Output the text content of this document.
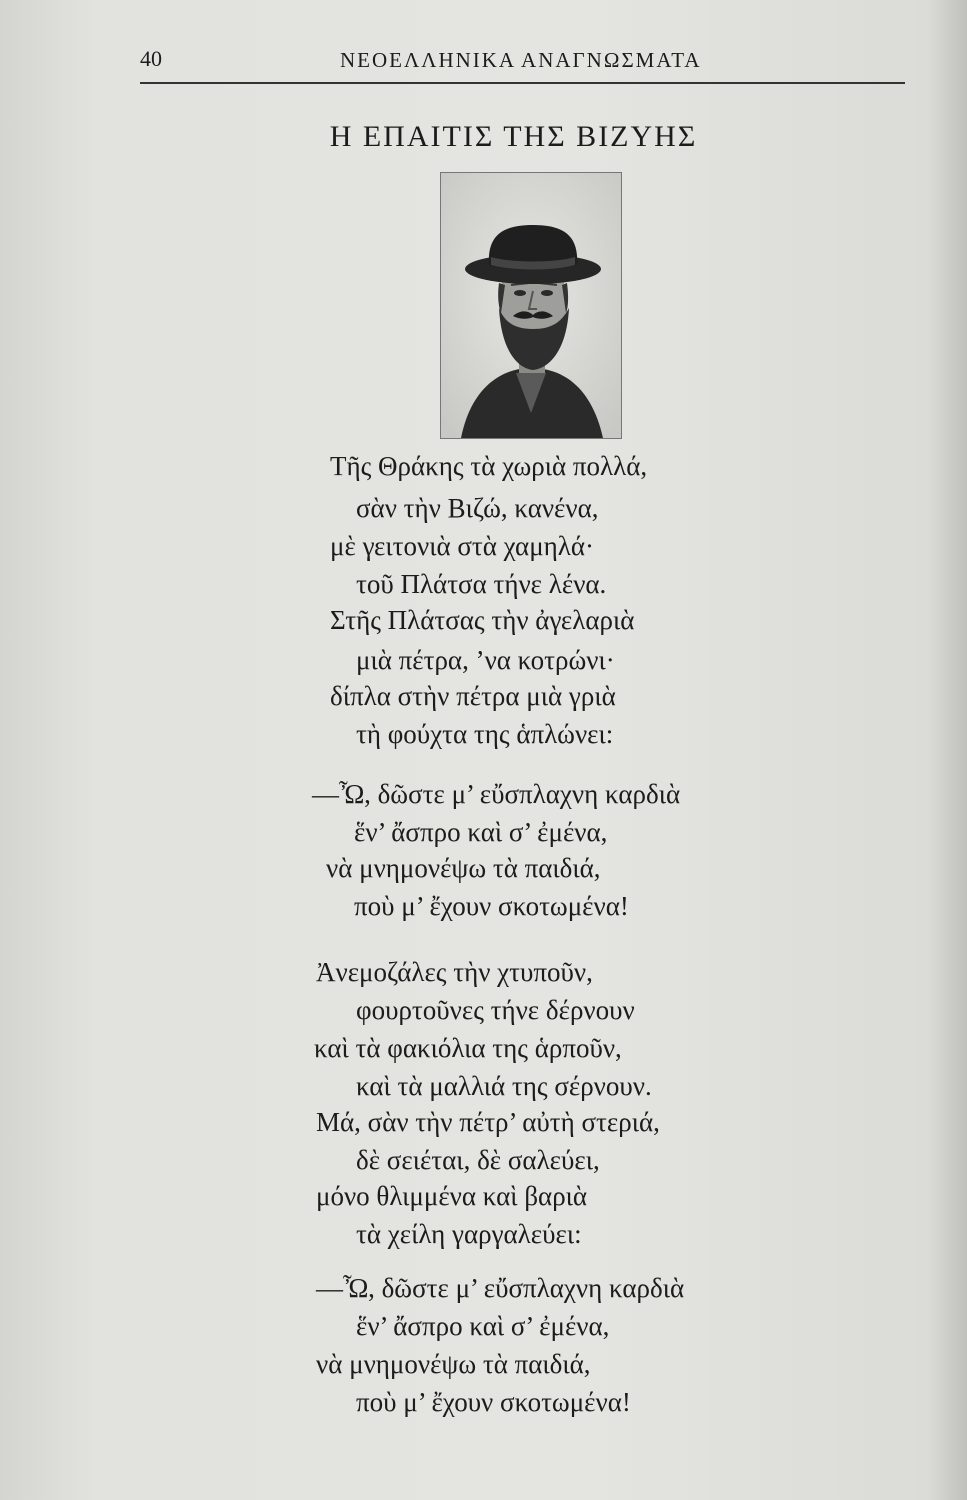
40	ΝΕΟΕΛΛΗΝΙΚΑ ΑΝΑΓΝΩΣΜΑΤΑ
Η ΕΠΑΙΤΙΣ ΤΗΣ ΒΙΖΥΗΣ
Τῆς Θράκης τὰ χωριὰ πολλά,
σὰν τὴν Βιζώ, κανένα,
μὲ γειτονιὰ στὰ χαμηλά·
τοῦ Πλάτσα τήνε λένα.
Στῆς Πλάτσας τὴν ἀγελαριὰ
μιὰ πέτρα, ’να κοτρώνι·
δίπλα στὴν πέτρα μιὰ γριὰ
τὴ φούχτα της ἁπλώνει:
—Ὦ, δῶστε μ’ εὔσπλαχνη καρδιὰ
ἕν’ ἄσπρο καὶ σ’ ἐμένα,
νὰ μνημονέψω τὰ παιδιά,
ποὺ μ’ ἔχουν σκοτωμένα!
Ἀνεμοζάλες τὴν χτυποῦν,
φουρτοῦνες τήνε δέρνουν
καὶ τὰ φακιόλια της ἁρποῦν,
καὶ τὰ μαλλιά της σέρνουν.
Μά, σὰν τὴν πέτρ’ αὐτὴ στεριά,
δὲ σειέται, δὲ σαλεύει,
μόνο θλιμμένα καὶ βαριὰ
τὰ χείλη γαργαλεύει:
—Ὦ, δῶστε μ’ εὔσπλαχνη καρδιὰ
ἕν’ ἄσπρο καὶ σ’ ἐμένα,
νὰ μνημονέψω τὰ παιδιά,
ποὺ μ’ ἔχουν σκοτωμένα!
